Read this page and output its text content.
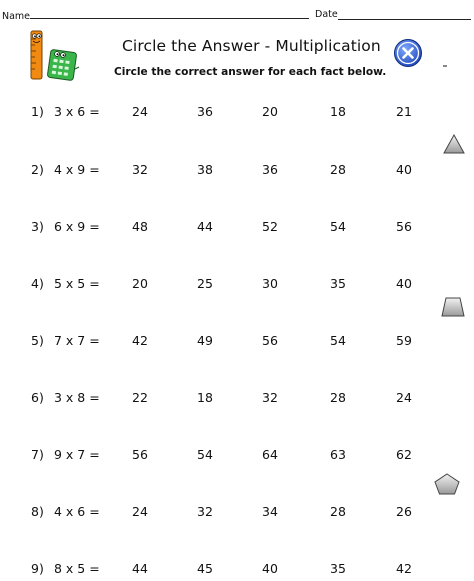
Name	Date
Circle the Answer - Multiplication
Circle the correct answer for each fact below.
1) 3 x 6 =	24	36	20	18	21
2) 4 x 9 =	32	38	36	28	40
3) 6 x 9 =	48	44	52	54	56
4) 5 x 5 =	20	25	30	35	40
5) 7 x 7 =	42	49	56	54	59
6) 3 x 8 =	22	18	32	28	24
7) 9 x 7 =	56	54	64	63	62
8) 4 x 6 =	24	32	34	28	26
9) 8 x 5 =	44	45	40	35	42
